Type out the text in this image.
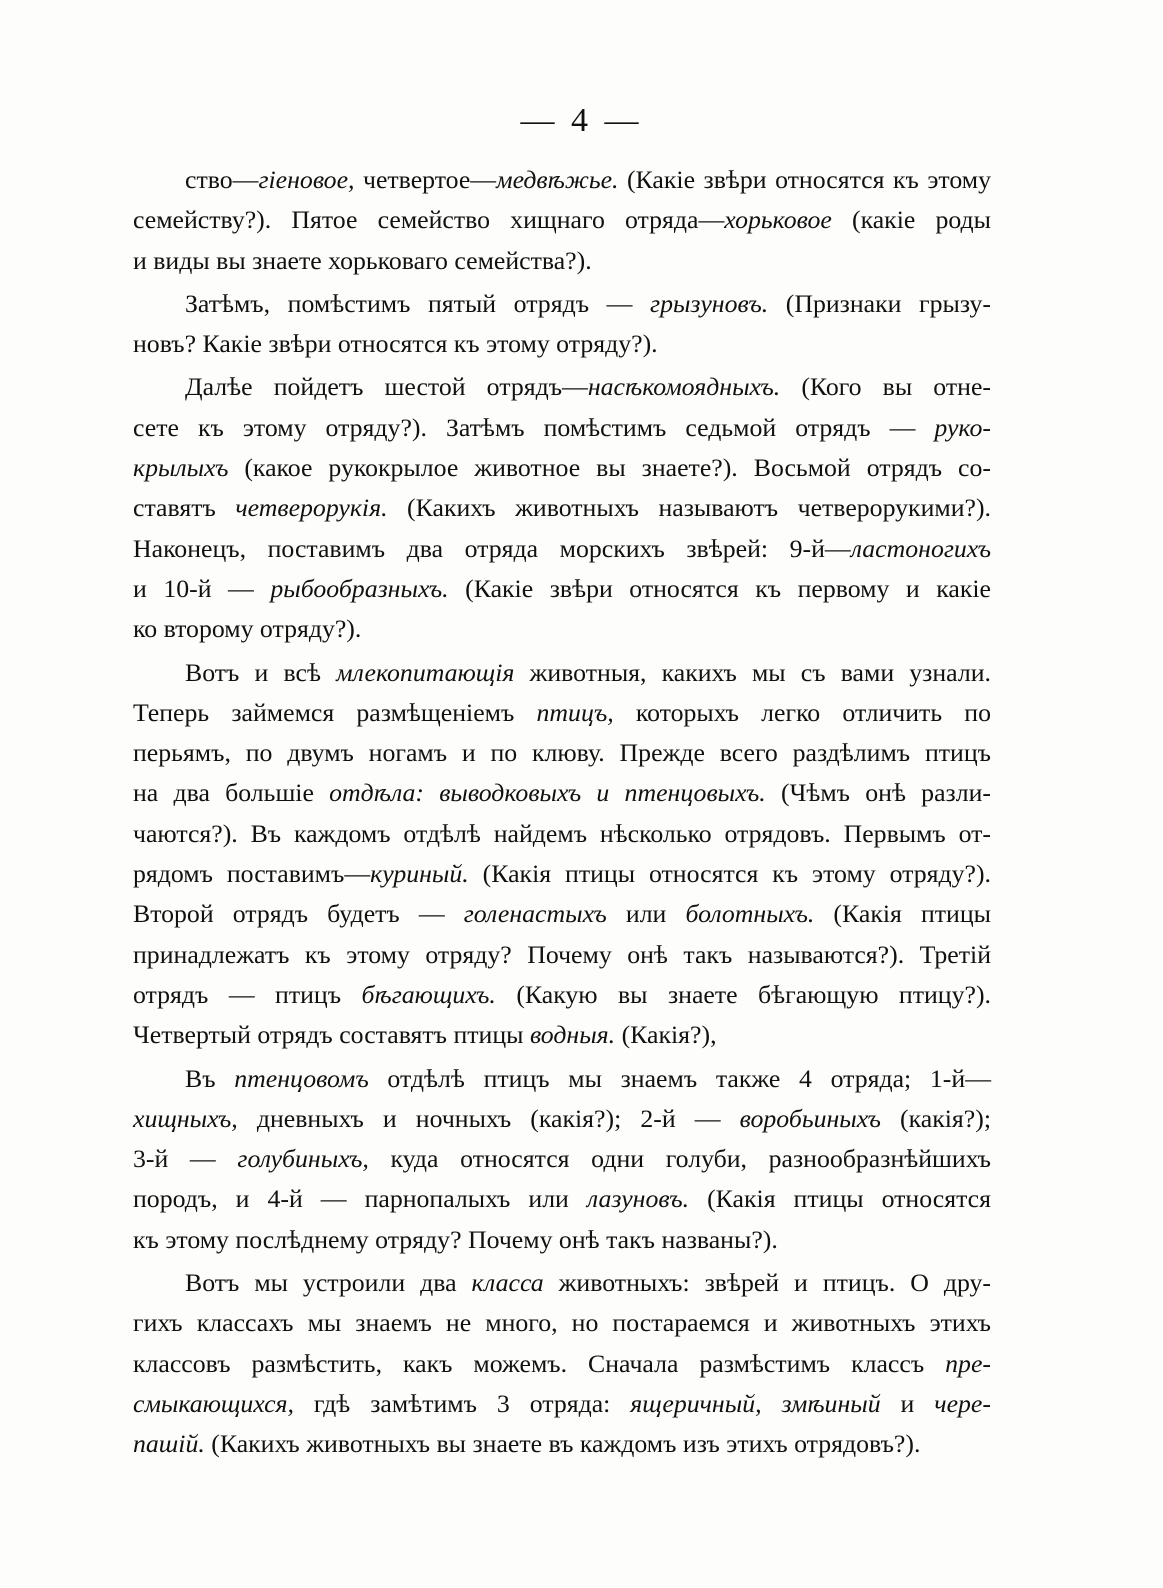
— 4 —
ство—гіеновое, четвертое—медвѣжье. (Какіе звѣри относятся къ этому
семейству?). Пятое семейство хищнаго отряда—хорьковое (какіе роды
и виды вы знаете хорьковаго семейства?).
Затѣмъ, помѣстимъ пятый отрядъ — грызуновъ. (Признаки грызу-
новъ? Какіе звѣри относятся къ этому отряду?).
Далѣе пойдетъ шестой отрядъ—насѣкомоядныхъ. (Кого вы отне-
сете къ этому отряду?). Затѣмъ помѣстимъ седьмой отрядъ — руко-
крылыхъ (какое рукокрылое животное вы знаете?). Восьмой отрядъ со-
ставятъ четверорукія. (Какихъ животныхъ называютъ четверорукими?).
Наконецъ, поставимъ два отряда морскихъ звѣрей: 9-й—ластоногихъ
и 10-й — рыбообразныхъ. (Какіе звѣри относятся къ первому и какіе
ко второму отряду?).
Вотъ и всѣ млекопитающія животныя, какихъ мы съ вами узнали.
Теперь займемся размѣщеніемъ птицъ, которыхъ легко отличить по
перьямъ, по двумъ ногамъ и по клюву. Прежде всего раздѣлимъ птицъ
на два большіе отдѣла: выводковыхъ и птенцовыхъ. (Чѣмъ онѣ разли-
чаются?). Въ каждомъ отдѣлѣ найдемъ нѣсколько отрядовъ. Первымъ от-
рядомъ поставимъ—куриный. (Какія птицы относятся къ этому отряду?).
Второй отрядъ будетъ — голенастыхъ или болотныхъ. (Какія птицы
принадлежатъ къ этому отряду? Почему онѣ такъ называются?). Третій
отрядъ — птицъ бѣгающихъ. (Какую вы знаете бѣгающую птицу?).
Четвертый отрядъ составятъ птицы водныя. (Какія?),
Въ птенцовомъ отдѣлѣ птицъ мы знаемъ также 4 отряда; 1-й—
хищныхъ, дневныхъ и ночныхъ (какія?); 2-й — воробьиныхъ (какія?);
3-й — голубиныхъ, куда относятся одни голуби, разнообразнѣйшихъ
породъ, и 4-й — парнопалыхъ или лазуновъ. (Какія птицы относятся
къ этому послѣднему отряду? Почему онѣ такъ названы?).
Вотъ мы устроили два класса животныхъ: звѣрей и птицъ. О дру-
гихъ классахъ мы знаемъ не много, но постараемся и животныхъ этихъ
классовъ размѣстить, какъ можемъ. Сначала размѣстимъ классъ пре-
смыкающихся, гдѣ замѣтимъ 3 отряда: ящеричный, змѣиный и чере-
пашій. (Какихъ животныхъ вы знаете въ каждомъ изъ этихъ отрядовъ?).
